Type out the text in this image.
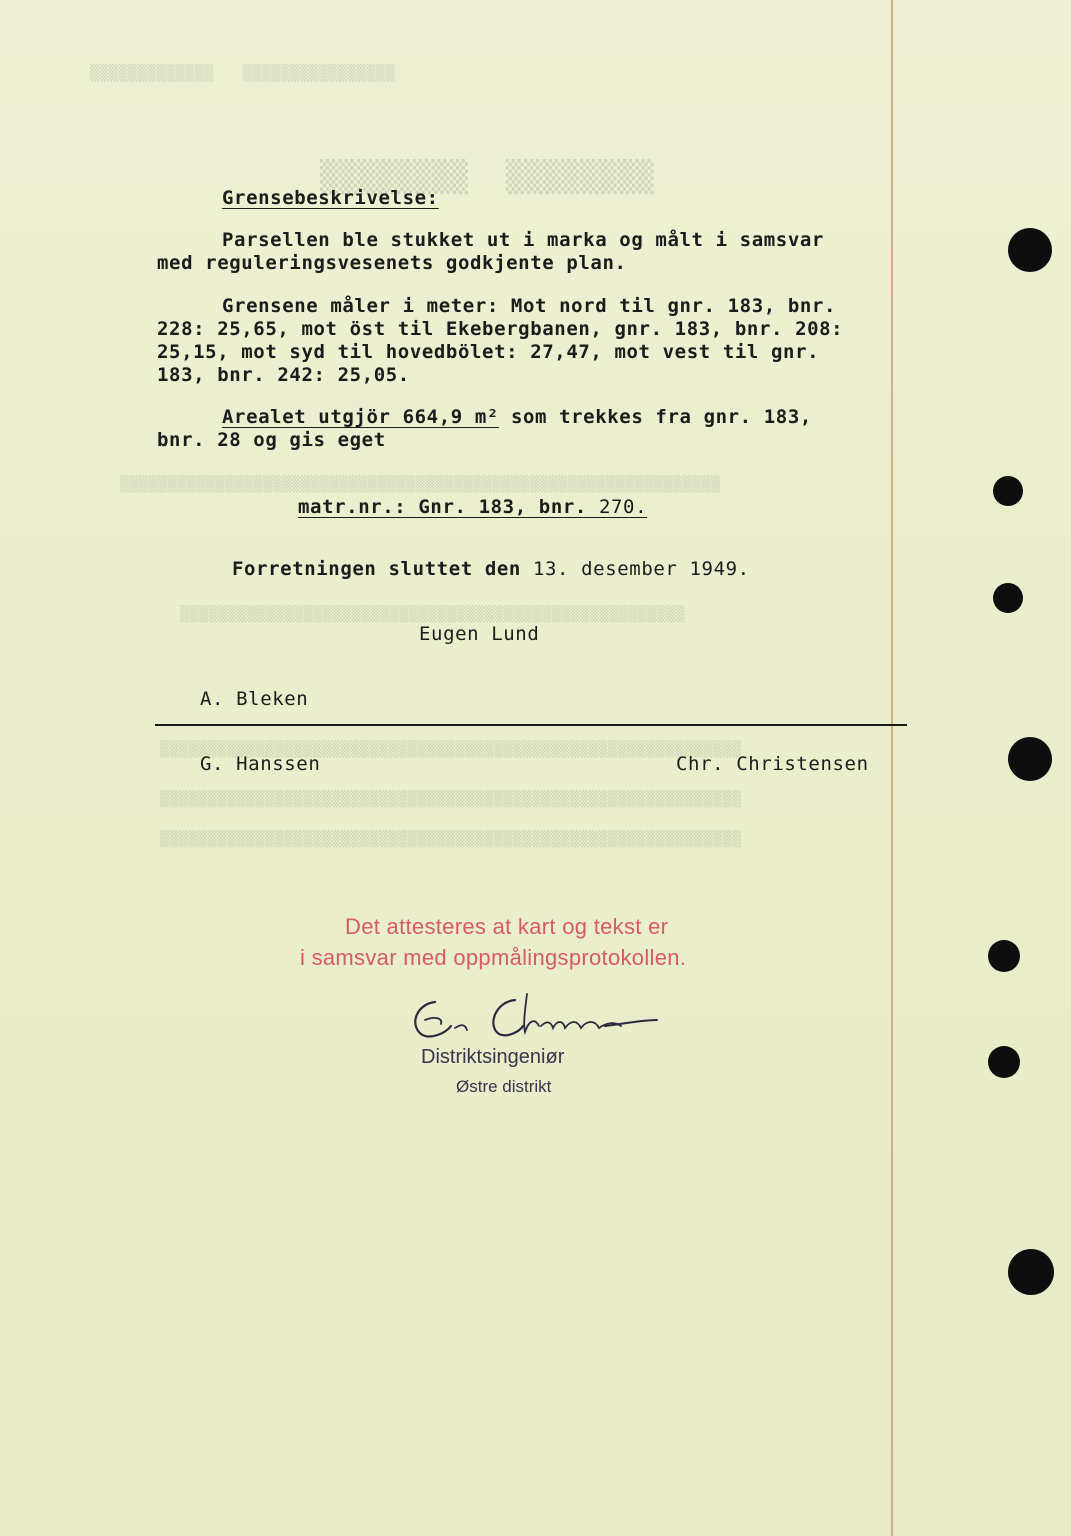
▒▒▒▒▒▒▒▒▒▒▒▒▒   ▒▒▒▒▒▒▒▒▒▒▒▒▒▒▒▒
▒▒▒▒▒▒▒▒  ▒▒▒▒▒▒▒▒
▒▒▒▒▒▒▒▒▒▒▒▒▒▒▒▒▒▒▒▒▒▒▒▒▒▒▒▒▒▒▒▒▒▒▒▒▒▒▒▒▒▒▒▒▒▒▒▒▒▒▒▒▒▒▒▒▒▒▒▒▒▒▒
▒▒▒▒▒▒▒▒▒▒▒▒▒▒▒▒▒▒▒▒▒▒▒▒▒▒▒▒▒▒▒▒▒▒▒▒▒▒▒▒▒▒▒▒▒▒▒▒▒▒▒▒▒
▒▒▒▒▒▒▒▒▒▒▒▒▒▒▒▒▒▒▒▒▒▒▒▒▒▒▒▒▒▒▒▒▒▒▒▒▒▒▒▒▒▒▒▒▒▒▒▒▒▒▒▒▒▒▒▒▒▒▒▒▒
▒▒▒▒▒▒▒▒▒▒▒▒▒▒▒▒▒▒▒▒▒▒▒▒▒▒▒▒▒▒▒▒▒▒▒▒▒▒▒▒▒▒▒▒▒▒▒▒▒▒▒▒▒▒▒▒▒▒▒▒▒
▒▒▒▒▒▒▒▒▒▒▒▒▒▒▒▒▒▒▒▒▒▒▒▒▒▒▒▒▒▒▒▒▒▒▒▒▒▒▒▒▒▒▒▒▒▒▒▒▒▒▒▒▒▒▒▒▒▒▒▒▒
Grensebeskrivelse:
Parsellen ble stukket ut i marka og målt i samsvar
med reguleringsvesenets godkjente plan.
Grensene måler i meter: Mot nord til gnr. 183, bnr.
228: 25,65, mot öst til Ekebergbanen, gnr. 183, bnr. 208:
25,15, mot syd til hovedbölet: 27,47, mot vest til gnr.
183, bnr. 242: 25,05.
Arealet utgjör 664,9 m² som trekkes fra gnr. 183,
bnr. 28 og gis eget
matr.nr.: Gnr. 183, bnr. 270.
Forretningen sluttet den 13. desember 1949.
Eugen Lund
A. Bleken
G. Hanssen	Chr. Christensen
Det attesteres at kart og tekst er
i samsvar med oppmålingsprotokollen.
Distriktsingeniør
Østre distrikt
